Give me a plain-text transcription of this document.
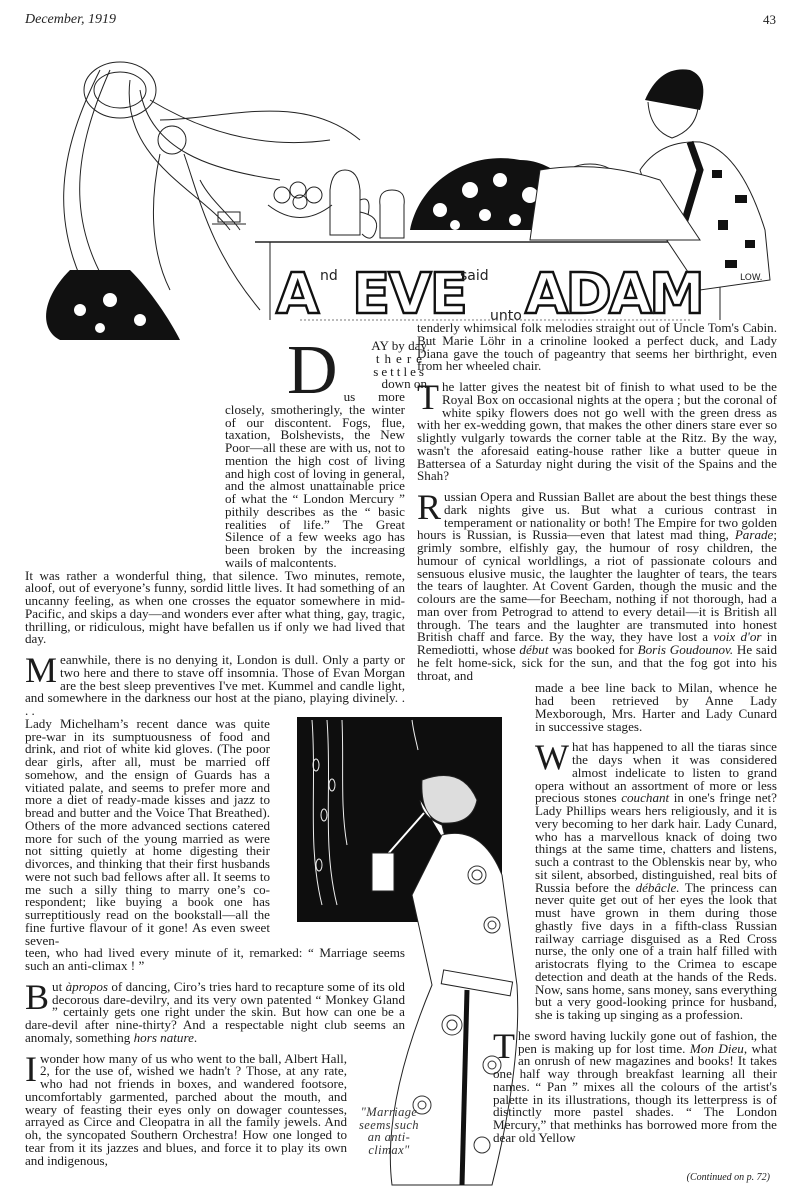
December, 1919	43
LOW.
A nd EVE
said
unto ADAM
D	AY by day
there
settles
down on
us more closely, smotheringly, the winter of our discontent. Fogs, flue, taxation, Bolshevists, the New Poor—all these are with us, not to mention the high cost of living and high cost of loving in general, and the almost unattainable price of what the “ London Mercury ” pithily describes as the “ basic realities of life.” The Great Silence of a few weeks ago has been broken by the increasing wails of malcontents.

It was rather a wonderful thing, that silence. Two minutes, remote, aloof, out of everyone’s funny, sordid little lives. It had something of an uncanny feeling, as when one crosses the equator somewhere in mid-Pacific, and skips a day—and wonders ever after what thing, gay, tragic, thrilling, or ridiculous, might have befallen us if only we had lived that day.

Meanwhile, there is no denying it, London is dull. Only a party or two here and there to stave off insomnia. Those of Evan Morgan are the best sleep preventives I've met. Kummel and candle light, and somewhere in the darkness our host at the piano, playing divinely. . . .

Lady Michelham’s recent dance was quite pre-war in its sumptuousness of food and drink, and riot of white kid gloves. (The poor dear girls, after all, must be married off somehow, and the ensign of Guards has a vitiated palate, and seems to prefer more and more a diet of ready-made kisses and jazz to bread and butter and the Voice That Breathed). Others of the more advanced sections catered more for such of the young married as were not sitting quietly at home digesting their divorces, and thinking that their first husbands were not such bad fellows after all. It seems to me such a silly thing to marry one’s co-respondent; like buying a book one has surreptitiously read on the bookstall—all the fine furtive flavour of it gone! As even sweet seven-

teen, who had lived every minute of it, remarked: “ Marriage seems such an anti-climax ! ”

But àpropos of dancing, Ciro’s tries hard to recapture some of its old decorous dare-devilry, and its very own patented “ Monkey Gland ” certainly gets one right under the skin. But how can one be a dare-devil after nine-thirty? And a respectable night club seems an anomaly, something hors nature.

I wonder how many of us who went to the ball, Albert Hall, 2, for the use of, wished we hadn't ? Those, at any rate, who had not friends in boxes, and wandered footsore, uncomfortably garmented, parched about the mouth, and weary of feasting their eyes only on dowager countesses, arrayed as Circe and Cleopatra in all the family jewels. And oh, the syncopated Southern Orchestra! How one longed to tear from it its jazzes and blues, and force it to play its own and indigenous,

"Marriage seems such an anti-climax"

tenderly whimsical folk melodies straight out of Uncle Tom's Cabin. But Marie Löhr in a crinoline looked a perfect duck, and Lady Diana gave the touch of pageantry that seems her birthright, even from her wheeled chair.

The latter gives the neatest bit of finish to what used to be the Royal Box on occasional nights at the opera ; but the coronal of white spiky flowers does not go well with the green dress as with her ex-wedding gown, that makes the other diners stare ever so slightly vulgarly towards the corner table at the Ritz. By the way, wasn't the aforesaid eating-house rather like a butter queue in Battersea of a Saturday night during the visit of the Spains and the Shah?

Russian Opera and Russian Ballet are about the best things these dark nights give us. But what a curious contrast in temperament or nationality or both! The Empire for two golden hours is Russian, is Russia—even that latest mad thing, Parade; grimly sombre, elfishly gay, the humour of rosy children, the humour of cynical worldlings, a riot of passionate colours and sensuous elusive music, the laughter the laughter of tears, the tears the tears of laughter. At Covent Garden, though the music and the colours are the same—for Beecham, nothing if not thorough, had a man over from Petrograd to attend to every detail—it is British all through. The tears and the laughter are transmuted into honest British chaff and farce. By the way, they have lost a voix d'or in Remediotti, whose début was booked for Boris Goudounov. He said he felt home-sick, sick for the sun, and that the fog got into his throat, and

made a bee line back to Milan, whence he had been retrieved by Anne Lady Mexborough, Mrs. Harter and Lady Cunard in successive stages.

What has happened to all the tiaras since the days when it was considered almost indelicate to listen to grand opera without an assortment of more or less precious stones couchant in one's fringe net? Lady Phillips wears hers religiously, and it is very becoming to her dark hair. Lady Cunard, who has a marvellous knack of doing two things at the same time, chatters and listens, such a contrast to the Oblenskis near by, who sit silent, absorbed, distinguished, real bits of Russia before the débâcle. The princess can never quite get out of her eyes the look that must have grown in them during those ghastly five days in a fifth-class Russian railway carriage disguised as a Red Cross nurse, the only one of a train half filled with aristocrats flying to the Crimea to escape detection and death at the hands of the Reds. Now, sans home, sans money, sans everything but a very good-looking prince for husband, she is taking up singing as a profession.

The sword having luckily gone out of fashion, the pen is making up for lost time. Mon Dieu, what an onrush of new magazines and books! It takes one half way through breakfast learning all their names. “ Pan ” mixes all the colours of the artist's palette in its illustrations, though its letterpress is of distinctly more pastel shades. “ The London Mercury,” that methinks has borrowed more from the dear old Yellow

(Continued on p. 72)
